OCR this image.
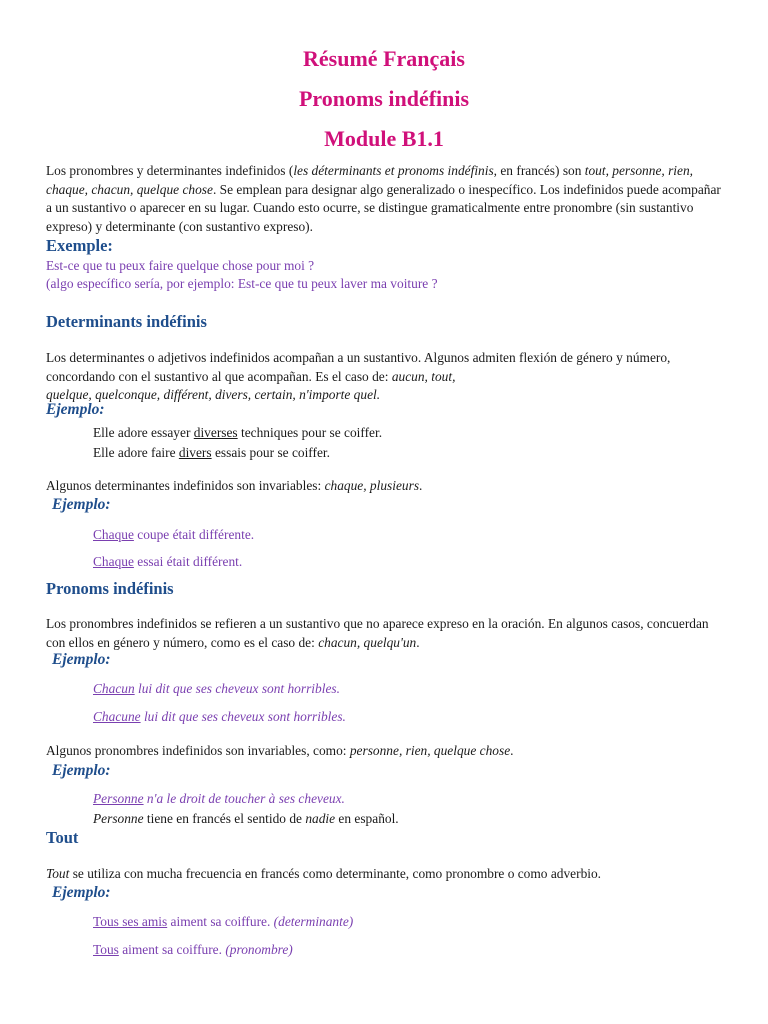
Résumé Français
Pronoms indéfinis
Module B1.1
Los pronombres y determinantes indefinidos (les déterminants et pronoms indéfinis, en francés) son tout, personne, rien, chaque, chacun, quelque chose. Se emplean para designar algo generalizado o inespecífico. Los indefinidos puede acompañar a un sustantivo o aparecer en su lugar. Cuando esto ocurre, se distingue gramaticalmente entre pronombre (sin sustantivo expreso) y determinante (con sustantivo expreso).
Exemple:
Est-ce que tu peux faire quelque chose pour moi ?
(algo específico sería, por ejemplo: Est-ce que tu peux laver ma voiture ?
Determinants indéfinis
Los determinantes o adjetivos indefinidos acompañan a un sustantivo. Algunos admiten flexión de género y número, concordando con el sustantivo al que acompañan. Es el caso de: aucun, tout,
quelque, quelconque, différent, divers, certain, n'importe quel.
Ejemplo:
Elle adore essayer diverses techniques pour se coiffer.
Elle adore faire divers essais pour se coiffer.
Algunos determinantes indefinidos son invariables: chaque, plusieurs.
Ejemplo:
Chaque coupe était différente.
Chaque essai était différent.
Pronoms indéfinis
Los pronombres indefinidos se refieren a un sustantivo que no aparece expreso en la oración. En algunos casos, concuerdan con ellos en género y número, como es el caso de: chacun, quelqu'un.
Ejemplo:
Chacun lui dit que ses cheveux sont horribles.
Chacune lui dit que ses cheveux sont horribles.
Algunos pronombres indefinidos son invariables, como: personne, rien, quelque chose.
Ejemplo:
Personne n'a le droit de toucher à ses cheveux.
Personne tiene en francés el sentido de nadie en español.
Tout
Tout se utiliza con mucha frecuencia en francés como determinante, como pronombre o como adverbio.
Ejemplo:
Tous ses amis aiment sa coiffure. (determinante)
Tous aiment sa coiffure. (pronombre)
